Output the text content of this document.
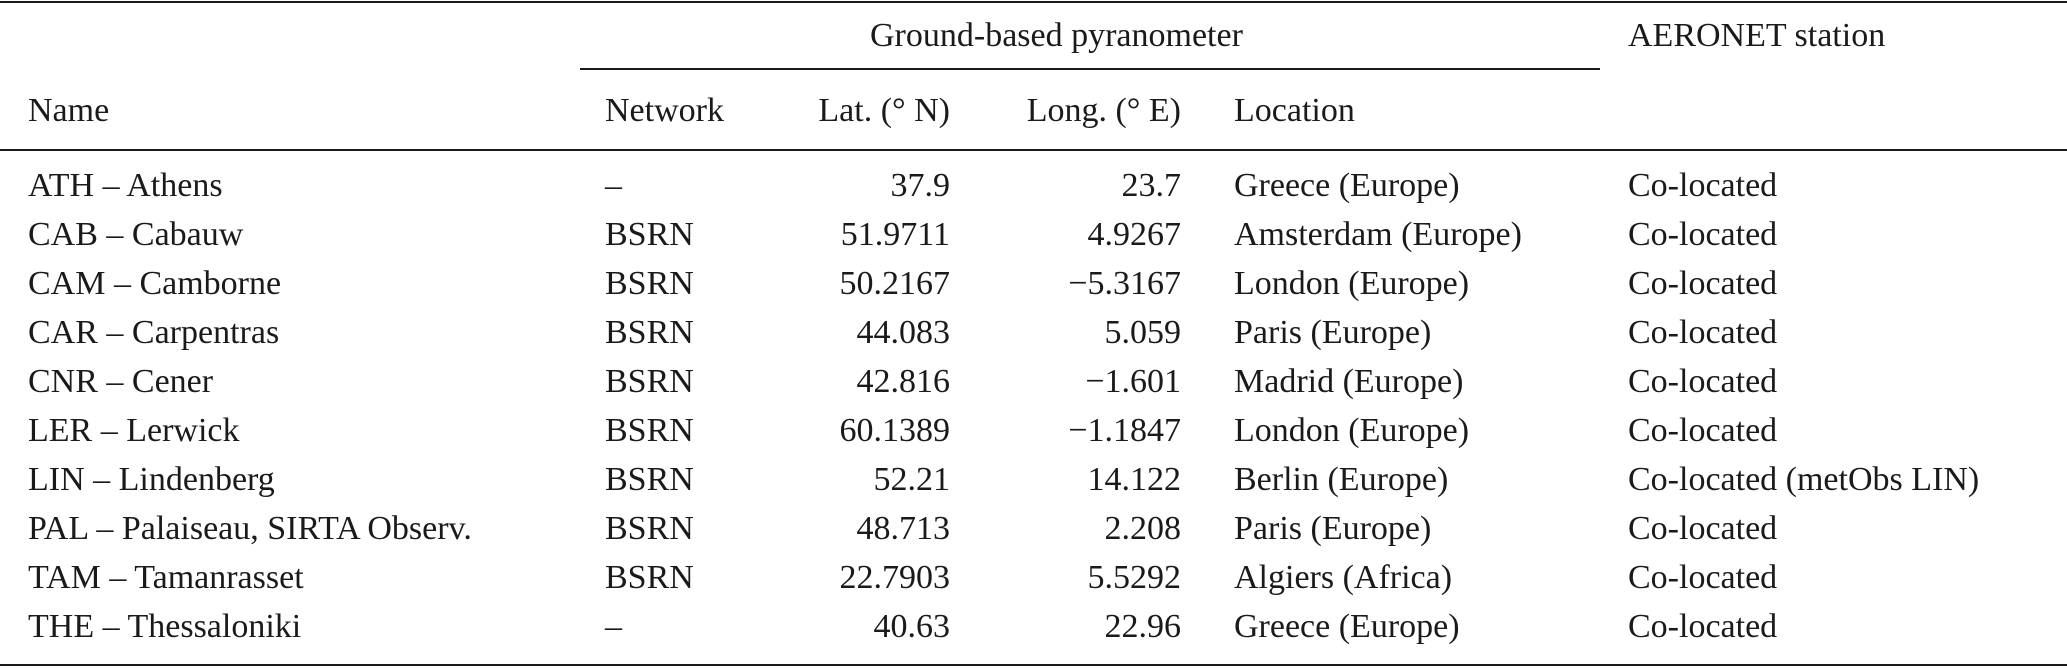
Ground-based pyranometer	AERONET station
Name	Network	Lat. (° N) Long. (° E) Location
ATH – Athens	–	37.9	23.7 Greece (Europe)	Co-located
CAB – Cabauw	BSRN	51.9711	4.9267 Amsterdam (Europe)	Co-located
CAM – Camborne	BSRN	50.2167	−5.3167 London (Europe)	Co-located
CAR – Carpentras	BSRN	44.083	5.059 Paris (Europe)	Co-located
CNR – Cener	BSRN	42.816	−1.601 Madrid (Europe)	Co-located
LER – Lerwick	BSRN	60.1389	−1.1847 London (Europe)	Co-located
LIN – Lindenberg	BSRN	52.21	14.122 Berlin (Europe)	Co-located (metObs LIN)
PAL – Palaiseau, SIRTA Observ.	BSRN	48.713	2.208 Paris (Europe)	Co-located
TAM – Tamanrasset	BSRN	22.7903	5.5292 Algiers (Africa)	Co-located
THE – Thessaloniki	–	40.63	22.96 Greece (Europe)	Co-located
